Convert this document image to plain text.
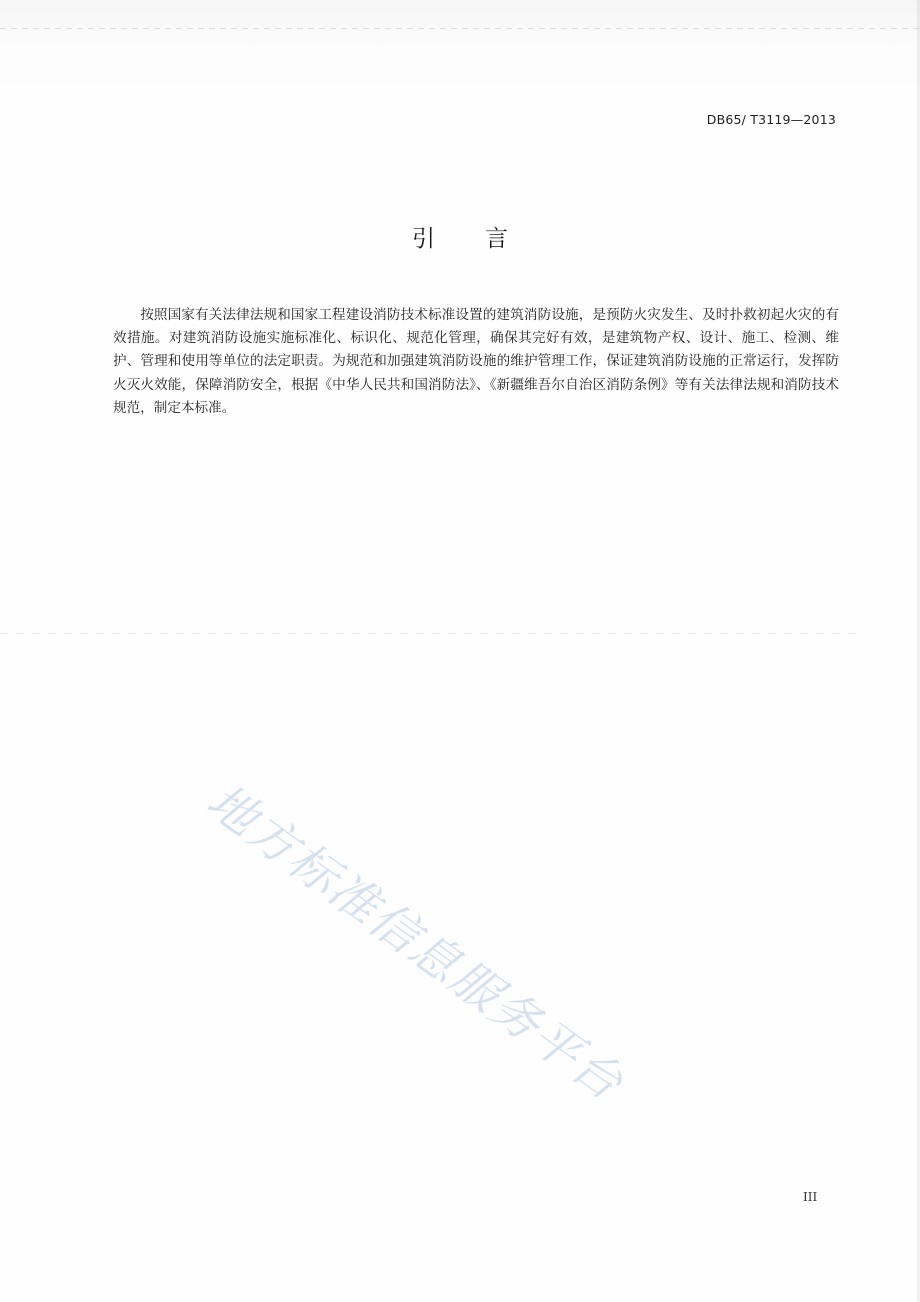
DB65/ T3119—2013
引言

按照国家有关法律法规和国家工程建设消防技术标准设置的建筑消防设施，是预防火灾发生、及时扑救初起火灾的有效措施。对建筑消防设施实施标准化、标识化、规范化管理，确保其完好有效，是建筑物产权、设计、施工、检测、维护、管理和使用等单位的法定职责。为规范和加强建筑消防设施的维护管理工作，保证建筑消防设施的正常运行，发挥防火灭火效能，保障消防安全，根据《中华人民共和国消防法》、《新疆维吾尔自治区消防条例》等有关法律法规和消防技术规范，制定本标准。

地方标准信息服务平台
III
